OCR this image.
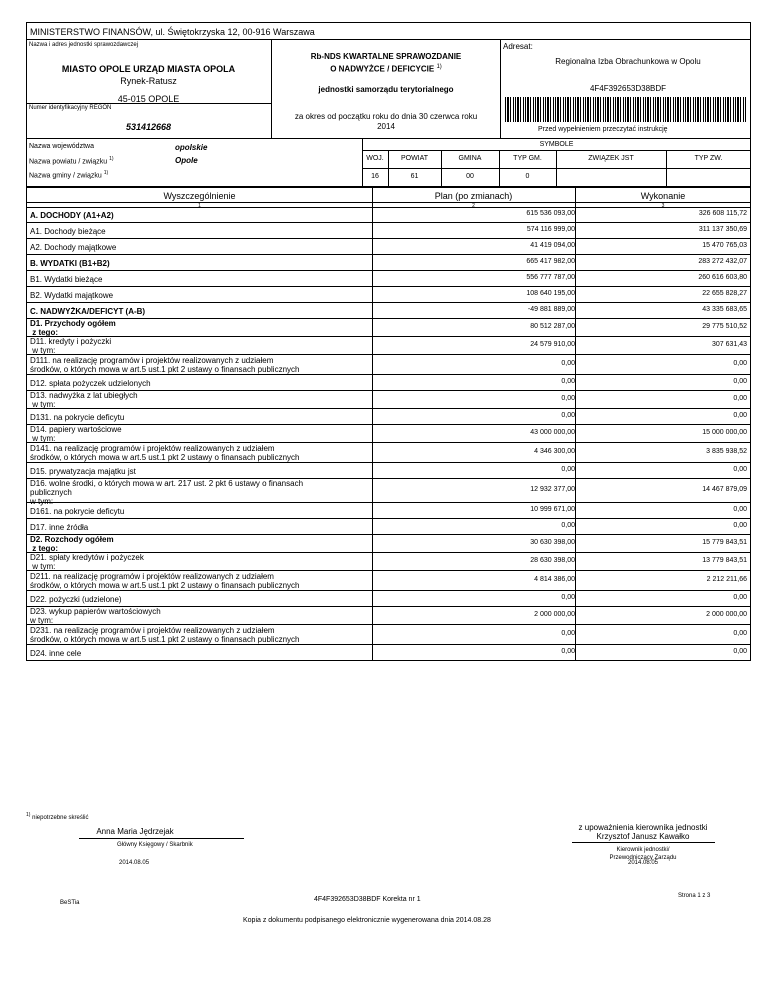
MINISTERSTWO FINANSÓW, ul. Świętokrzyska 12, 00-916 Warszawa
Nazwa i adres jednostki sprawozdawczej
MIASTO OPOLE URZĄD MIASTA OPOLA
Rynek-Ratusz
45-015 OPOLE
Numer identyfikacyjny REGON
531412668
Rb-NDS KWARTALNE SPRAWOZDANIE
O NADWYŻCE / DEFICYCIE $^{1)}$
jednostki samorządu terytorialnego
za okres od początku roku do dnia 30 czerwca roku
2014
Adresat:
Regionalna Izba Obrachunkowa w Opolu
4F4F392653D38BDF
Przed wypełnieniem przeczytać instrukcję
Nazwa województwa	opolskie
Nazwa powiatu / związku $^{1)}$	Opole
Nazwa gminy / związku $^{1)}$
SYMBOLE
WOJ.	POWIAT	GMINA	TYP GM.	ZWIĄZEK JST	TYP ZW.
16	61	00	0
Wyszczególnienie	Plan (po zmianach)	Wykonanie
1	2	3
A. DOCHODY (A1+A2)	615 536 093,00	326 608 115,72
A1. Dochody bieżące	574 116 999,00	311 137 350,69
A2. Dochody majątkowe	41 419 094,00	15 470 765,03
B. WYDATKI (B1+B2)	665 417 982,00	283 272 432,07
B1. Wydatki bieżące	556 777 787,00	260 616 603,80
B2. Wydatki majątkowe	108 640 195,00	22 655 828,27
C. NADWYŻKA/DEFICYT (A-B)	-49 881 889,00	43 335 683,65
D1. Przychody ogółem
z tego:
80 512 287,00	29 775 510,52
D11. kredyty i pożyczki
w tym:
24 579 910,00	307 631,43
D111. na realizację programów i projektów realizowanych z udziałem
środków, o których mowa w art.5 ust.1 pkt 2 ustawy o finansach publicznych
0,00	0,00
D12. spłata pożyczek udzielonych	0,00	0,00
D13. nadwyżka z lat ubiegłych
w tym:
0,00	0,00
D131. na pokrycie deficytu	0,00	0,00
D14. papiery wartościowe
w tym:
43 000 000,00	15 000 000,00
D141. na realizację programów i projektów realizowanych z udziałem
środków, o których mowa w art.5 ust.1 pkt 2 ustawy o finansach publicznych
4 346 300,00	3 835 938,52
D15. prywatyzacja majątku jst	0,00	0,00
D16. wolne środki, o których mowa w art. 217 ust. 2 pkt 6 ustawy o finansach
publicznych
w tym:
12 932 377,00	14 467 879,09
D161. na pokrycie deficytu	10 999 671,00	0,00
D17. inne źródła	0,00	0,00
D2. Rozchody ogółem
z tego:
30 630 398,00	15 779 843,51
D21. spłaty kredytów i pożyczek
w tym:
28 630 398,00	13 779 843,51
D211. na realizację programów i projektów realizowanych z udziałem
środków, o których mowa w art.5 ust.1 pkt 2 ustawy o finansach publicznych
4 814 386,00	2 212 211,66
D22. pożyczki (udzielone)	0,00	0,00
D23. wykup papierów wartościowych
w tym:
2 000 000,00	2 000 000,00
D231. na realizację programów i projektów realizowanych z udziałem
środków, o których mowa w art.5 ust.1 pkt 2 ustawy o finansach publicznych
0,00	0,00
D24. inne cele	0,00	0,00
$^{1)}$ niepotrzebne skreślić
Anna Maria Jędrzejak
Główny Księgowy / Skarbnik
2014.08.05
z upoważnienia kierownika jednostki
Krzysztof Janusz Kawałko
Kierownik jednostki/
Przewodniczący Zarządu
2014.08.05
BeSTia	4F4F392653D38BDF Korekta nr 1	Strona 1 z 3
Kopia z dokumentu podpisanego elektronicznie wygenerowana dnia 2014.08.28
